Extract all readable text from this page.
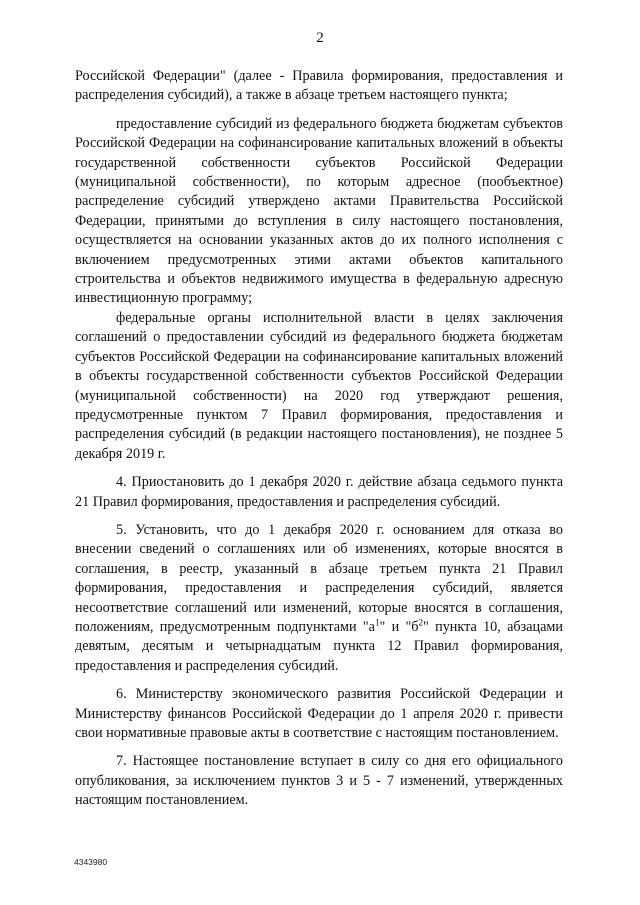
2

Российской Федерации" (далее - Правила формирования, предоставления и распределения субсидий), а также в абзаце третьем настоящего пункта;

предоставление субсидий из федерального бюджета бюджетам субъектов Российской Федерации на софинансирование капитальных вложений в объекты государственной собственности субъектов Российской Федерации (муниципальной собственности), по которым адресное (пообъектное) распределение субсидий утверждено актами Правительства Российской Федерации, принятыми до вступления в силу настоящего постановления, осуществляется на основании указанных актов до их полного исполнения с включением предусмотренных этими актами объектов капитального строительства и объектов недвижимого имущества в федеральную адресную инвестиционную программу;

федеральные органы исполнительной власти в целях заключения соглашений о предоставлении субсидий из федерального бюджета бюджетам субъектов Российской Федерации на софинансирование капитальных вложений в объекты государственной собственности субъектов Российской Федерации (муниципальной собственности) на 2020 год утверждают решения, предусмотренные пунктом 7 Правил формирования, предоставления и распределения субсидий (в редакции настоящего постановления), не позднее 5 декабря 2019 г.

4. Приостановить до 1 декабря 2020 г. действие абзаца седьмого пункта 21 Правил формирования, предоставления и распределения субсидий.

5. Установить, что до 1 декабря 2020 г. основанием для отказа во внесении сведений о соглашениях или об изменениях, которые вносятся в соглашения, в реестр, указанный в абзаце третьем пункта 21 Правил формирования, предоставления и распределения субсидий, является несоответствие соглашений или изменений, которые вносятся в соглашения, положениям, предусмотренным подпунктами "$а^1$" и "$б^2$" пункта 10, абзацами девятым, десятым и четырнадцатым пункта 12 Правил формирования, предоставления и распределения субсидий.

6. Министерству экономического развития Российской Федерации и Министерству финансов Российской Федерации до 1 апреля 2020 г. привести свои нормативные правовые акты в соответствие с настоящим постановлением.

7. Настоящее постановление вступает в силу со дня его официального опубликования, за исключением пунктов 3 и 5 - 7 изменений, утвержденных настоящим постановлением.

4343980
